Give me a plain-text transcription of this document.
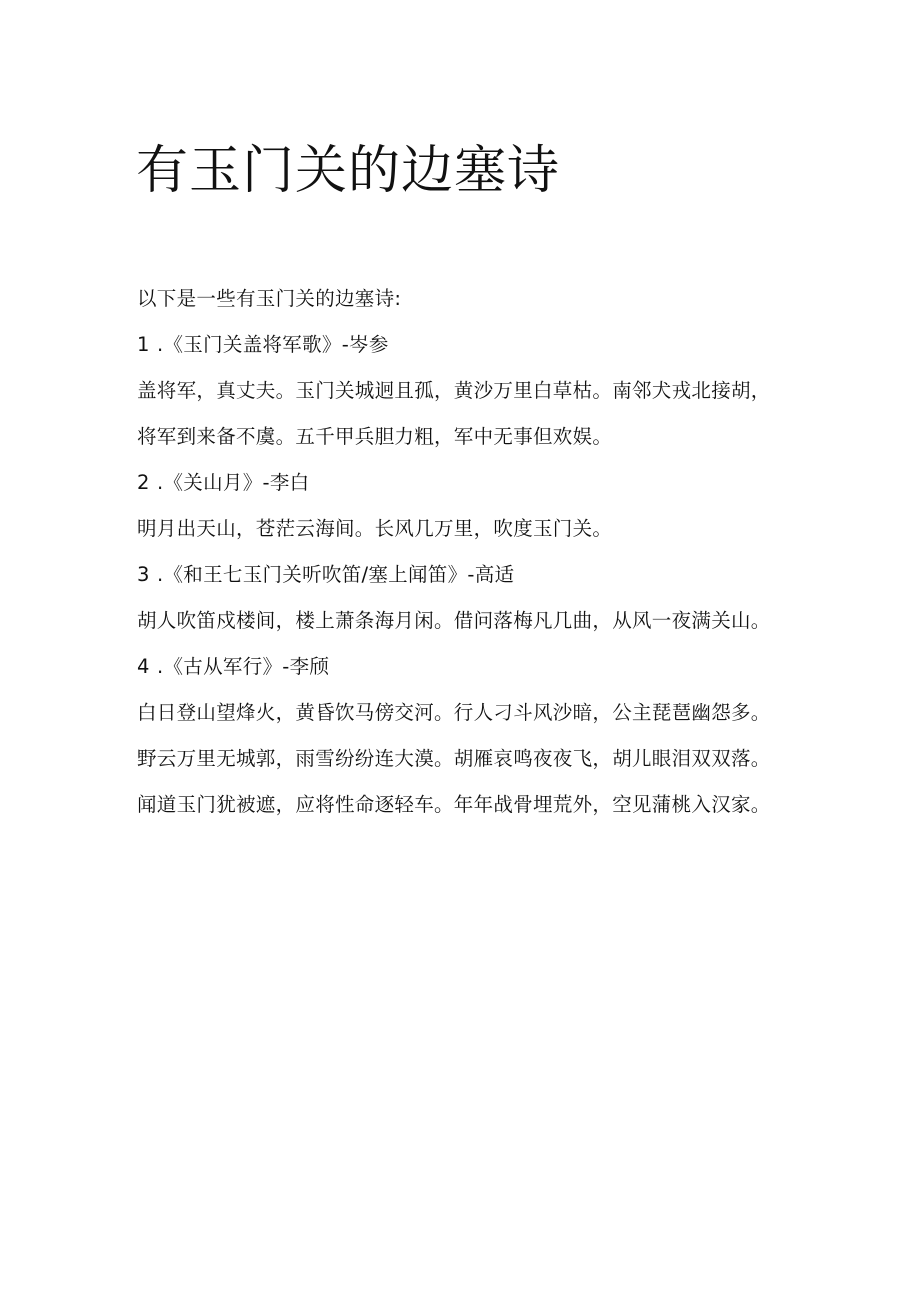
有玉门关的边塞诗
以下是一些有玉门关的边塞诗:
1 .《玉门关盖将军歌》-岑参
盖将军，真丈夫。玉门关城迥且孤，黄沙万里白草枯。南邻犬戎北接胡，
将军到来备不虞。五千甲兵胆力粗，军中无事但欢娱。
2 .《关山月》-李白
明月出天山，苍茫云海间。长风几万里，吹度玉门关。
3 .《和王七玉门关听吹笛/塞上闻笛》-高适
胡人吹笛戍楼间，楼上萧条海月闲。借问落梅凡几曲，从风一夜满关山。
4 .《古从军行》-李颀
白日登山望烽火，黄昏饮马傍交河。行人刁斗风沙暗，公主琵琶幽怨多。
野云万里无城郭，雨雪纷纷连大漠。胡雁哀鸣夜夜飞，胡儿眼泪双双落。
闻道玉门犹被遮，应将性命逐轻车。年年战骨埋荒外，空见蒲桃入汉家。
